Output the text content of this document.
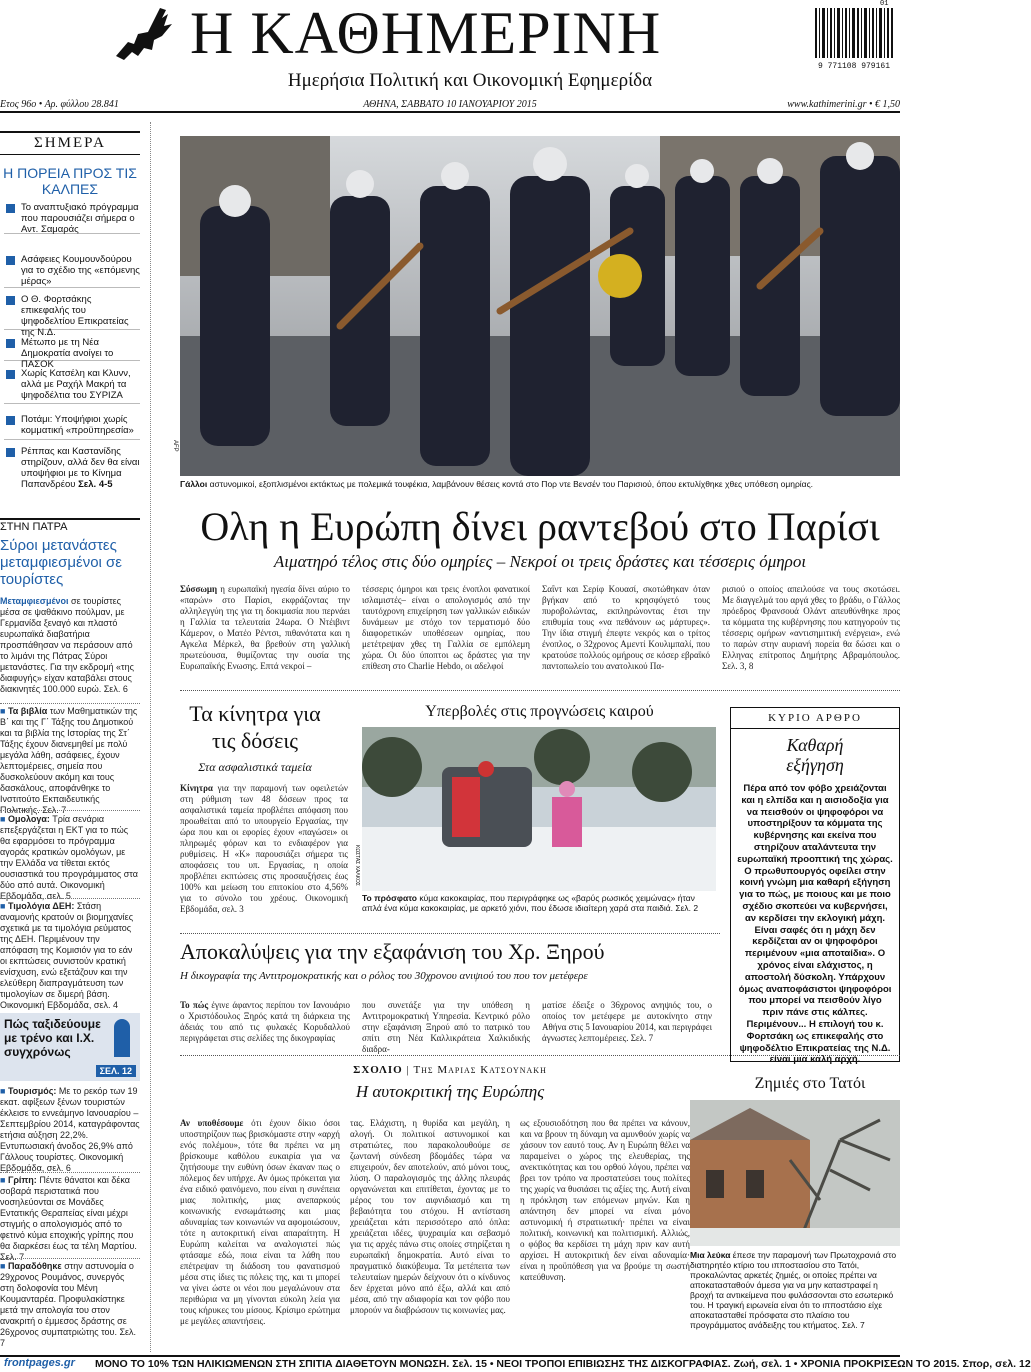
Η ΚΑΘΗΜΕΡΙΝΗ
Ημερήσια Πολιτική και Οικονομική Εφημερίδα
01
9 771108 979161
Ετος 96ο • Αρ. φύλλου 28.841	ΑΘΗΝΑ, ΣΑΒΒΑΤΟ 10 ΙΑΝΟΥΑΡΙΟΥ 2015	www.kathimerini.gr • € 1,50
ΣΗΜΕΡΑ
Η ΠΟΡΕΙΑ ΠΡΟΣ ΤΙΣ ΚΑΛΠΕΣ
Το αναπτυξιακό πρόγραμμα που παρουσιάζει σήμερα ο Αντ. Σαμαράς
Ασάφειες Κουμουνδούρου για το σχέδιο της «επόμενης μέρας»
Ο Θ. Φορτσάκης επικεφαλής του ψηφοδελτίου Επικρατείας της Ν.Δ.
Μέτωπο με τη Νέα Δημοκρατία ανοίγει το ΠΑΣΟΚ
Χωρίς Κατσέλη και Κλυνν, αλλά με Ραχήλ Μακρή τα ψηφοδέλτια του ΣΥΡΙΖΑ
Ποτάμι: Υποψήφιοι χωρίς κομματική «προϋπηρεσία»
Ρέππας και Καστανίδης στηρίζουν, αλλά δεν θα είναι υποψήφιοι με το Κίνημα Παπανδρέου Σελ. 4-5
ΣΤΗΝ ΠΑΤΡΑ
Σύροι μετανάστες μεταμφιεσμένοι σε τουρίστες
Μεταμφιεσμένοι σε τουρίστες μέσα σε ψαθάκινο πούλμαν, με Γερμανίδα ξεναγό και πλαστό ευρωπαϊκά διαβατήρια προσπάθησαν να περάσουν από το λιμάνι της Πάτρας Σύροι μετανάστες. Για την εκδρομή «της διαφυγής» είχαν καταβάλει στους διακινητές 100.000 ευρώ. Σελ. 6
■ Τα βιβλία των Μαθηματικών της Β΄ και της Γ΄ Τάξης του Δημοτικού και τα βιβλία της Ιστορίας της Στ΄ Τάξης έχουν διανεμηθεί με πολύ μεγάλα λάθη, ασάφειες, έχουν λεπτομέρειες, σημεία που δυσκολεύουν ακόμη και τους δασκάλους, αποφάνθηκε το Ινστιτούτο Εκπαιδευτικής Πολιτικής. Σελ. 7
■ Ομολογα: Τρία σενάρια επεξεργάζεται η ΕΚΤ για το πώς θα εφαρμόσει το πρόγραμμα αγοράς κρατικών ομολόγων, με την Ελλάδα να τίθεται εκτός ουσιαστικά του προγράμματος στα δύο από αυτά. Οικονομική Εβδομάδα, σελ. 5
■ Τιμολόγια ΔΕΗ: Στάση αναμονής κρατούν οι βιομηχανίες σχετικά με τα τιμολόγια ρεύματος της ΔΕΗ. Περιμένουν την απόφαση της Κομισιόν για το εάν οι εκπτώσεις συνιστούν κρατική ενίσχυση, ενώ εξετάζουν και την ελεύθερη διαπραγμάτευση των τιμολογίων σε διμερή βάση. Οικονομική Εβδομάδα, σελ. 4
Πώς ταξιδεύουμε με τρένο και Ι.Χ. συγχρόνως
ΣΕΛ. 12
■ Τουρισμός: Με το ρεκόρ των 19 εκατ. αφίξεων ξένων τουριστών έκλεισε το εννεάμηνο Ιανουαρίου – Σεπτεμβρίου 2014, καταγράφοντας ετήσια αύξηση 22,2%. Εντυπωσιακή άνοδος 26,9% από Γάλλους τουρίστες. Οικονομική Εβδομάδα, σελ. 6
■ Γρίπη: Πέντε θάνατοι και δέκα σοβαρά περιστατικά που νοσηλεύονται σε Μονάδες Εντατικής Θεραπείας είναι μέχρι στιγμής ο απολογισμός από το φετινό κύμα εποχικής γρίπης που θα διαρκέσει έως τα τέλη Μαρτίου. Σελ. 7
■ Παραδόθηκε στην αστυνομία ο 29χρονος Ρουμάνος, συνεργός στη δολοφονία του Μένη Κουμανταρέα. Προφυλακίστηκε μετά την απολογία του στον ανακριτή ο έμμεσος δράστης σε 26χρονος συμπατριώτης του. Σελ. 7
AFP
Γάλλοι αστυνομικοί, εξοπλισμένοι εκτάκτως με πολεμικά τουφέκια, λαμβάνουν θέσεις κοντά στο Πορ ντε Βενσέν του Παρισιού, όπου εκτυλίχθηκε χθες υπόθεση ομηρίας.
Ολη η Ευρώπη δίνει ραντεβού στο Παρίσι
Αιματηρό τέλος στις δύο ομηρίες – Νεκροί οι τρεις δράστες και τέσσερις όμηροι
Σύσσωμη η ευρωπαϊκή ηγεσία δίνει αύριο το «παρών» στο Παρίσι, εκφράζοντας την αλληλεγγύη της για τη δοκιμασία που περνάει η Γαλλία τα τελευταία 24ωρα. Ο Ντέιβιντ Κάμερον, ο Ματέο Ρέντσι, πιθανότατα και η Αγκελα Μέρκελ, θα βρεθούν στη γαλλική πρωτεύουσα, θυμίζοντας την ουσία της Ευρωπαϊκής Ενωσης. Επτά νεκροί –
τέσσερις όμηροι και τρεις ένοπλοι φανατικοί ισλαμιστές– είναι ο απολογισμός από την ταυτόχρονη επιχείρηση των γαλλικών ειδικών δυνάμεων με στόχο τον τερματισμό δύο διαφορετικών υποθέσεων ομηρίας, που μετέτρεψαν χθες τη Γαλλία σε εμπόλεμη χώρα. Οι δύο ύποπτοι ως δράστες για την επίθεση στο Charlie Hebdo, οι αδελφοί
Σαΐντ και Σερίφ Κουασί, σκοτώθηκαν όταν βγήκαν από το κρησφύγετό τους πυροβολώντας, εκπληρώνοντας έτσι την επιθυμία τους «να πεθάνουν ως μάρτυρες». Την ίδια στιγμή έπεφτε νεκρός και ο τρίτος ένοπλος, ο 32χρονος Αμεντί Κουλιμπαλί, που κρατούσε πολλούς ομήρους σε κόσερ εβραϊκό παντοπωλείο του ανατολικού Πα-
ρισιού ο οποίος απειλούσε να τους σκοτώσει. Με διαγγελμά του αργά χθες το βράδυ, ο Γάλλος πρόεδρος Φρανσουά Ολάντ απευθύνθηκε προς τα κόμματα της κυβέρνησης που κατηγορούν τις τέσσερις ομήρων «αντισημιτική ενέργεια», ενώ το παρών στην αυριανή πορεία θα δώσει και ο Ελληνας επίτροπος Δημήτρης Αβραμόπουλος. Σελ. 3, 8
Τα κίνητρα για τις δόσεις
Στα ασφαλιστικά ταμεία
Κίνητρα για την παραμονή των οφειλετών στη ρύθμιση των 48 δόσεων προς τα ασφαλιστικά ταμεία προβλέπει απόφαση που προωθείται από το υπουργείο Εργασίας, την ώρα που και οι εφορίες έχουν «παγώσει» οι πληρωμές φόρων και το ενδιαφέρον για ρυθμίσεις. Η «Κ» παρουσιάζει σήμερα τις αποφάσεις του υπ. Εργασίας, η οποία προβλέπει εκπτώσεις στις προσαυξήσεις έως 100% και μείωση του επιτοκίου στο 4,56% για το σύνολο του χρέους. Οικονομική Εβδομάδα, σελ. 3
Υπερβολές στις προγνώσεις καιρού
ΚΩΣΤΑΣ ΧΑΛΚΟΣ
Το πρόσφατο κύμα κακοκαιρίας, που περιγράφηκε ως «βαρύς ρωσικός χειμώνας» ήταν απλά ένα κύμα κακοκαιρίας, με αρκετό χιόνι, που έδωσε ιδιαίτερη χαρά στα παιδιά. Σελ. 2
ΚΥΡΙΟ ΑΡΘΡΟ
Καθαρή εξήγηση
Πέρα από τον φόβο χρειάζονται και η ελπίδα και η αισιοδοξία για να πεισθούν οι ψηφοφόροι να υποστηρίξουν τα κόμματα της κυβέρνησης και εκείνα που στηρίζουν αταλάντευτα την ευρωπαϊκή προοπτική της χώρας. Ο πρωθυπουργός οφείλει στην κοινή γνώμη μια καθαρή εξήγηση για το πώς, με ποιους και με ποιο σχέδιο σκοπεύει να κυβερνήσει, αν κερδίσει την εκλογική μάχη. Είναι σαφές ότι η μάχη δεν κερδίζεται αν οι ψηφοφόροι περιμένουν «μια αποταίδια». Ο χρόνος είναι ελάχιστος, η αποστολή δύσκολη. Υπάρχουν όμως αναποφάσιστοι ψηφοφόροι που μπορεί να πεισθούν λίγο πριν πάνε στις κάλπες. Περιμένουν... Η επιλογή του κ. Φορτσάκη ως επικεφαλής στο ψηφοδέλτιο Επικρατείας της Ν.Δ. είναι μια καλή αρχή.
Αποκαλύψεις για την εξαφάνιση του Χρ. Ξηρού
Η δικογραφία της Αντιτρομοκρατικής και ο ρόλος του 30χρονου ανιψιού του που τον μετέφερε
Το πώς έγινε άφαντος περίπου τον Ιανουάριο ο Χριστόδουλος Ξηρός κατά τη διάρκεια της άδειάς του από τις φυλακές Κορυδαλλού περιγράφεται στις σελίδες της δικογραφίας
που συνετάξε για την υπόθεση η Αντιτρομοκρατική Υπηρεσία. Κεντρικό ρόλο στην εξαφάνιση Ξηρού από το πατρικό του σπίτι στη Νέα Καλλικράτεια Χαλκιδικής διαδρα-
ματίσε έδειξε ο 36χρονος ανηψιός του, ο οποίος τον μετέφερε με αυτοκίνητο στην Αθήνα στις 5 Ιανουαρίου 2014, και περιγράφει άγνωστες λεπτομέρειες. Σελ. 7
ΣΧΟΛΙΟ | Της Μαριας Κατσουνακη
Η αυτοκριτική της Ευρώπης
Αν υποθέσουμε ότι έχουν δίκιο όσοι υποστηρίζουν πως βρισκόμαστε στην «αρχή ενός πολέμου», τότε θα πρέπει να μη βρίσκουμε καθόλου ευκαιρία για να ζητήσουμε την ευθύνη όσων έκαναν πως ο πόλεμος δεν υπήρχε. Αν όμως πρόκειται για ένα ειδικό φαινόμενο, που είναι η συνέπεια μιας πολιτικής, μιας ανεπαρκούς κοινωνικής ενσωμάτωσης και μιας αδυναμίας των κοινωνιών να αφομοιώσουν, τότε η αυτοκριτική είναι απαραίτητη. Η Ευρώπη καλείται να αναλογιστεί πώς φτάσαμε εδώ, ποια είναι τα λάθη που επέτρεψαν τη διάδοση του φανατισμού μέσα στις ίδιες τις πόλεις της, και τι μπορεί να γίνει ώστε οι νέοι που μεγαλώνουν στα περιθώρια να μη γίνονται εύκολη λεία για τους κήρυκες του μίσους. Κρίσιμο ερώτημα με μεγάλες απαντήσεις.
τας. Ελάχιστη, η θυρίδα και μεγάλη, η αλογή. Οι πολιτικοί αστυνομικοί και στρατιώτες, που παρακολουθούμε σε ζωντανή σύνδεση βδομάδες τώρα να επιχειρούν, δεν αποτελούν, από μόνοι τους, λύση. Ο παραλογισμός της άλλης πλευράς οργανώνεται και επιτίθεται, έχοντας με το μέρος του τον αιφνιδιασμό και τη βεβαιότητα του στόχου. Η αντίσταση χρειάζεται κάτι περισσότερο από όπλα: χρειάζεται ιδέες, ψυχραιμία και σεβασμό για τις αρχές πάνω στις οποίες στηρίζεται η ευρωπαϊκή δημοκρατία. Αυτό είναι το πραγματικό διακύβευμα. Τα μετέπειτα των τελευταίων ημερών δείχνουν ότι ο κίνδυνος δεν έρχεται μόνο από έξω, αλλά και από μέσα, από την αδιαφορία και τον φόβο που μπορούν να διαβρώσουν τις κοινωνίες μας.
ως εξουσιοδότηση που θα πρέπει να κάνουν, και να βρουν τη δύναμη να αμυνθούν χωρίς να χάσουν τον εαυτό τους. Αν η Ευρώπη θέλει να παραμείνει ο χώρος της ελευθερίας, της ανεκτικότητας και του ορθού λόγου, πρέπει να βρει τον τρόπο να προστατεύσει τους πολίτες της χωρίς να θυσιάσει τις αξίες της. Αυτή είναι η πρόκληση των επόμενων μηνών. Και η απάντηση δεν μπορεί να είναι μόνο αστυνομική ή στρατιωτική· πρέπει να είναι πολιτική, κοινωνική και πολιτισμική. Αλλιώς, ο φόβος θα κερδίσει τη μάχη πριν καν αυτή αρχίσει. Η αυτοκριτική δεν είναι αδυναμία· είναι η προϋπόθεση για να βρούμε τη σωστή κατεύθυνση.
Ζημιές στο Τατόι
Μια λεύκα έπεσε την παραμονή των Πρωτοχρονιά στο διατηρητέο κτίριο του ιπποστασίου στο Τατόι, προκαλώντας αρκετές ζημιές, οι οποίες πρέπει να αποκατασταθούν άμεσα για να μην καταστραφεί η βροχή τα αντικείμενα που φυλάσσονται στο εσωτερικό του. Η τραγική ειρωνεία είναι ότι το ιπποστάσιο είχε αποκατασταθεί πρόσφατα στο πλαίσιο του προγράμματος ανάδειξης του κτήματος. Σελ. 7
frontpages.gr ΜΟΝΟ ΤΟ 10% ΤΩΝ ΗΛΙΚΙΩΜΕΝΩΝ ΣΤΗ ΣΠΙΤΙΑ ΔΙΑΘΕΤΟΥΝ ΜΟΝΩΣΗ. Σελ. 15 • ΝΕΟΙ ΤΡΟΠΟΙ ΕΠΙΒΙΩΣΗΣ ΤΗΣ ΔΙΣΚΟΓΡΑΦΙΑΣ. Ζωή, σελ. 1 • ΧΡΟΝΙΑ ΠΡΟΚΡΙΣΕΩΝ ΤΟ 2015. Σπορ, σελ. 12
